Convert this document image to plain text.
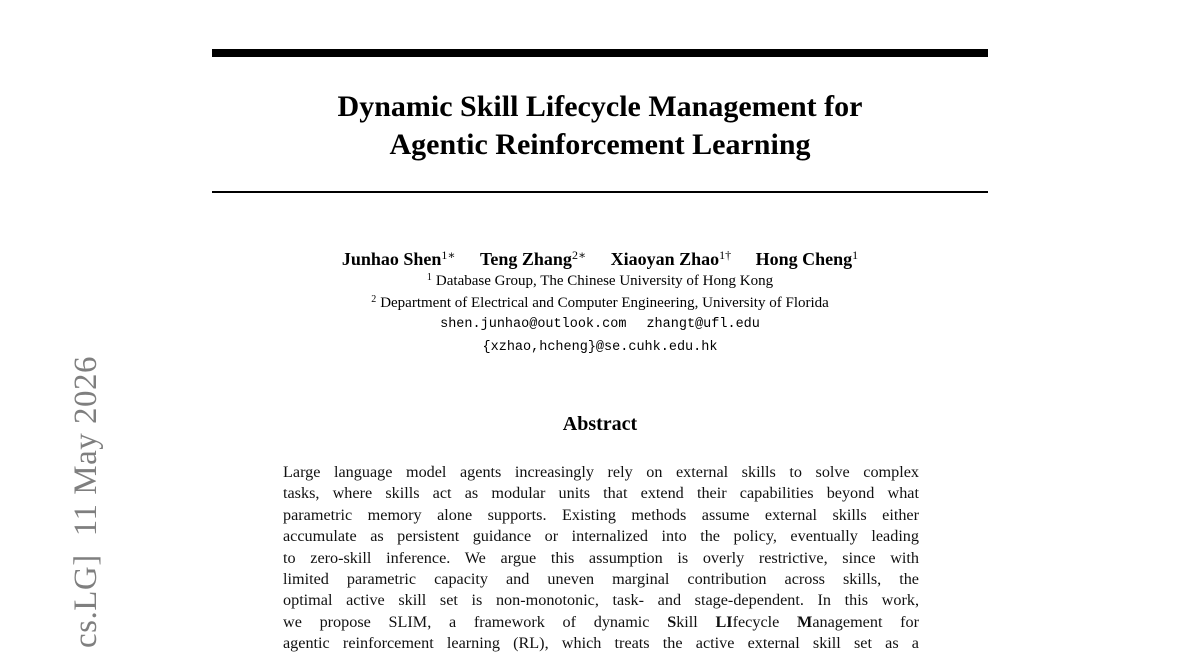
cs.LG]11 May 2026
Dynamic Skill Lifecycle Management for
Agentic Reinforcement Learning
Junhao Shen$^{1∗}$ Teng Zhang$^{2∗}$ Xiaoyan Zhao$^{1\dagger}$ Hong Cheng$^1$
$^1$ Database Group, The Chinese University of Hong Kong
$^2$ Department of Electrical and Computer Engineering, University of Florida
shen.junhao@outlook.com zhangt@ufl.edu
{xzhao,hcheng}@se.cuhk.edu.hk
Abstract
Large language model agents increasingly rely on external skills to solve complex
tasks, where skills act as modular units that extend their capabilities beyond what
parametric memory alone supports. Existing methods assume external skills either
accumulate as persistent guidance or internalized into the policy, eventually leading
to zero-skill inference. We argue this assumption is overly restrictive, since with
limited parametric capacity and uneven marginal contribution across skills, the
optimal active skill set is non-monotonic, task- and stage-dependent. In this work,
we propose SLIM, a framework of dynamic Skill LIfecycle Management for
agentic reinforcement learning (RL), which treats the active external skill set as a
